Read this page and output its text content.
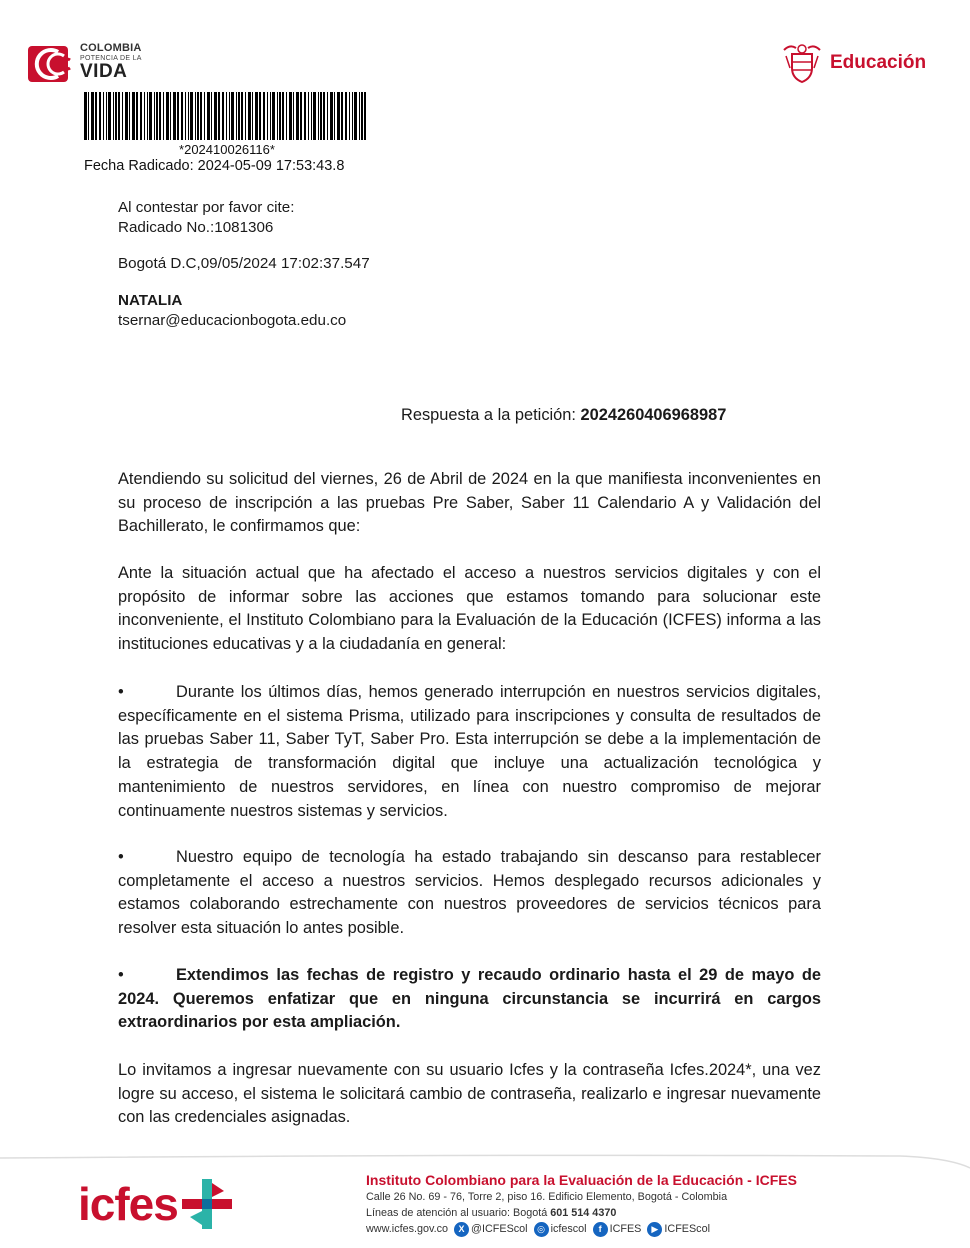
COLOMBIA
POTENCIA DE LA
VIDA	Educación
*202410026116*
Fecha Radicado: 2024-05-09 17:53:43.8
Al contestar por favor cite:
Radicado No.:1081306
Bogotá D.C,09/05/2024 17:02:37.547
NATALIA
tsernar@educacionbogota.edu.co
Respuesta a la petición: 2024260406968987
Atendiendo su solicitud del viernes, 26 de Abril de 2024 en la que manifiesta inconvenientes en su proceso de inscripción a las pruebas Pre Saber, Saber 11 Calendario A y Validación del Bachillerato, le confirmamos que:
Ante la situación actual que ha afectado el acceso a nuestros servicios digitales y con el propósito de informar sobre las acciones que estamos tomando para solucionar este inconveniente, el Instituto Colombiano para la Evaluación de la Educación (ICFES) informa a las instituciones educativas y a la ciudadanía en general:
•	Durante los últimos días, hemos generado interrupción en nuestros servicios digitales, específicamente en el sistema Prisma, utilizado para inscripciones y consulta de resultados de las pruebas Saber 11, Saber TyT, Saber Pro. Esta interrupción se debe a la implementación de la estrategia de transformación digital que incluye una actualización tecnológica y mantenimiento de nuestros servidores, en línea con nuestro compromiso de mejorar continuamente nuestros sistemas y servicios.
•	Nuestro equipo de tecnología ha estado trabajando sin descanso para restablecer completamente el acceso a nuestros servicios. Hemos desplegado recursos adicionales y estamos colaborando estrechamente con nuestros proveedores de servicios técnicos para resolver esta situación lo antes posible.
•	Extendimos las fechas de registro y recaudo ordinario hasta el 29 de mayo de 2024. Queremos enfatizar que en ninguna circunstancia se incurrirá en cargos extraordinarios por esta ampliación.
Lo invitamos a ingresar nuevamente con su usuario Icfes y la contraseña Icfes.2024*, una vez logre su acceso, el sistema le solicitará cambio de contraseña, realizarlo e ingresar nuevamente con las credenciales asignadas.
icfes	Instituto Colombiano para la Evaluación de la Educación - ICFES
Calle 26 No. 69 - 76, Torre 2, piso 16. Edificio Elemento, Bogotá - Colombia
Líneas de atención al usuario: Bogotá 601 514 4370
www.icfes.gov.co	X @ICFEScol	◎ icfescol	f ICFES	▶ ICFEScol
